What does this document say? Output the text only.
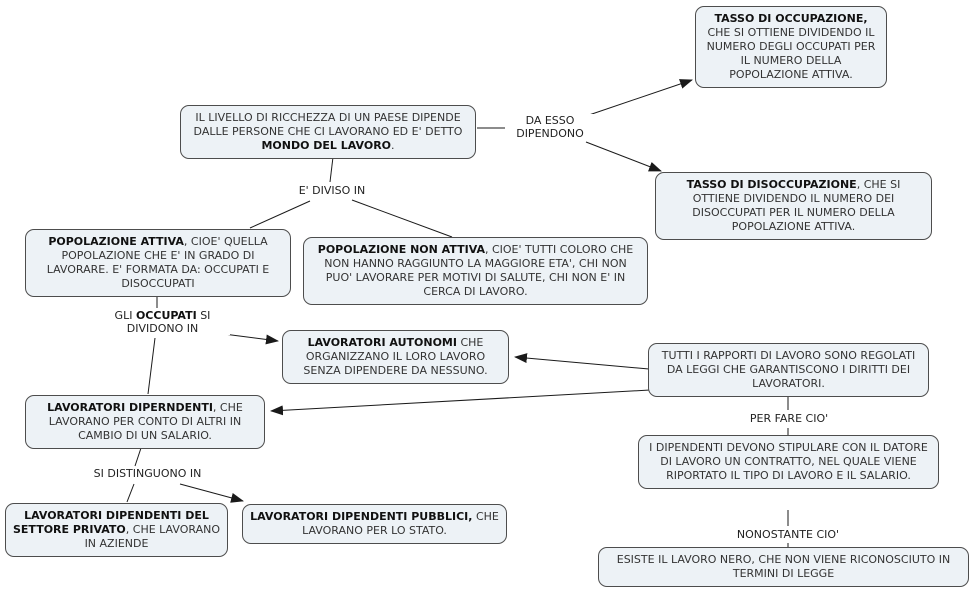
IL LIVELLO DI RICCHEZZA DI UN PAESE DIPENDE DALLE PERSONE CHE CI LAVORANO ED E' DETTO MONDO DEL LAVORO.
TASSO DI OCCUPAZIONE, CHE SI OTTIENE DIVIDENDO IL NUMERO DEGLI OCCUPATI PER IL NUMERO DELLA POPOLAZIONE ATTIVA.
TASSO DI DISOCCUPAZIONE, CHE SI OTTIENE DIVIDENDO IL NUMERO DEI DISOCCUPATI PER IL NUMERO DELLA POPOLAZIONE ATTIVA.
POPOLAZIONE ATTIVA, CIOE' QUELLA POPOLAZIONE CHE E' IN GRADO DI LAVORARE. E' FORMATA DA: OCCUPATI E DISOCCUPATI
POPOLAZIONE NON ATTIVA, CIOE' TUTTI COLORO CHE NON HANNO RAGGIUNTO LA MAGGIORE ETA', CHI NON PUO' LAVORARE PER MOTIVI DI SALUTE, CHI NON E' IN CERCA DI LAVORO.
LAVORATORI AUTONOMI CHE ORGANIZZANO IL LORO LAVORO SENZA DIPENDERE DA NESSUNO.
TUTTI I RAPPORTI DI LAVORO SONO REGOLATI DA LEGGI CHE GARANTISCONO I DIRITTI DEI LAVORATORI.
LAVORATORI DIPERNDENTI, CHE LAVORANO PER CONTO DI ALTRI IN CAMBIO DI UN SALARIO.
I DIPENDENTI DEVONO STIPULARE CON IL DATORE DI LAVORO UN CONTRATTO, NEL QUALE VIENE RIPORTATO IL TIPO DI LAVORO E IL SALARIO.
LAVORATORI DIPENDENTI DEL SETTORE PRIVATO, CHE LAVORANO IN AZIENDE
LAVORATORI DIPENDENTI PUBBLICI, CHE LAVORANO PER LO STATO.
ESISTE IL LAVORO NERO, CHE NON VIENE RICONOSCIUTO IN TERMINI DI LEGGE
DA ESSO DIPENDONO
E' DIVISO IN
GLI OCCUPATI SI DIVIDONO IN
PER FARE CIO'
SI DISTINGUONO IN
NONOSTANTE CIO'
